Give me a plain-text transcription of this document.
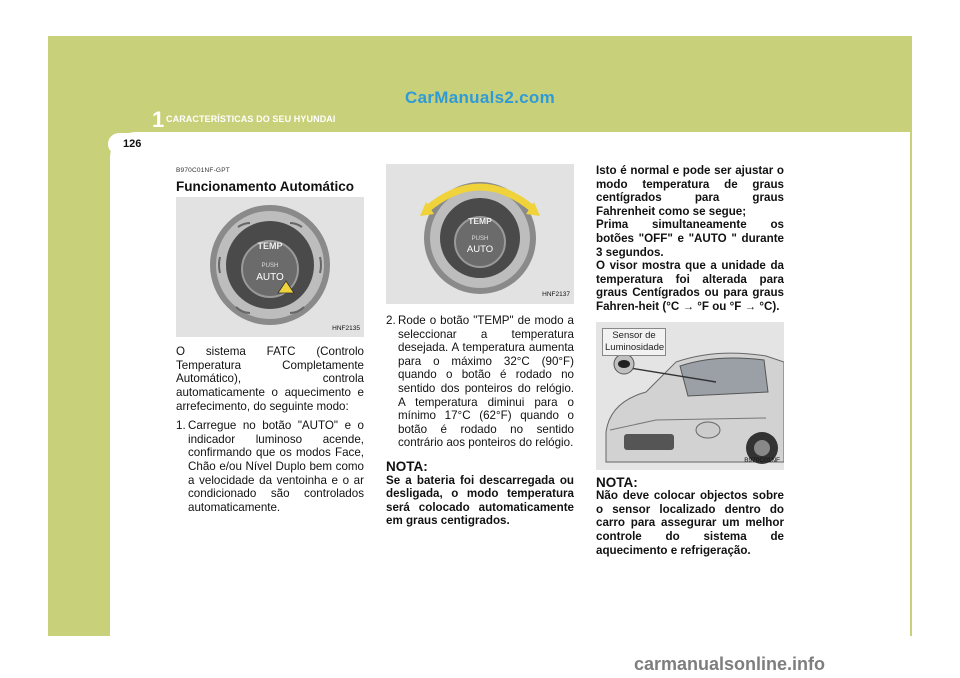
CarManuals2.com
1 CARACTERÍSTICAS DO SEU HYUNDAI
126
B970C01NF-GPT
Funcionamento Automático
TEMP
PUSH
AUTO
HNF2135

O sistema FATC (Controlo Temperatura Completamente Automático), controla automaticamente o aquecimento e arrefecimento, do seguinte modo:

1. Carregue no botão "AUTO" e o indicador luminoso acende, confirmando que os modos Face, Chão e/ou Nível Duplo bem como a velocidade da ventoinha e o ar condicionado são controlados automaticamente.
TEMP
PUSH
AUTO
HNF2137
2. Rode o botão "TEMP" de modo a seleccionar a temperatura desejada. A temperatura aumenta para o máximo 32°C (90°F) quando o botão é rodado no sentido dos ponteiros do relógio. A temperatura diminui para o mínimo 17°C (62°F) quando o botão é rodado no sentido contrário aos ponteiros do relógio.
NOTA:

Se a bateria foi descarregada ou desligada, o modo temperatura será colocado automaticamente em graus centigrados.

Isto é normal e pode ser ajustar o modo temperatura de graus centígrados para graus Fahrenheit como se segue;

Prima simultaneamente os botões "OFF" e "AUTO " durante 3 segundos.

O visor mostra que a unidade da temperatura foi alterada para graus Centígrados ou para graus Fahren-heit (°C → °F ou °F → °C).

Sensor de Luminosidade
B970C01NF
NOTA:

Não deve colocar objectos sobre o sensor localizado dentro do carro para assegurar um melhor controle do sistema de aquecimento e refrigeração.

carmanualsonline.info
